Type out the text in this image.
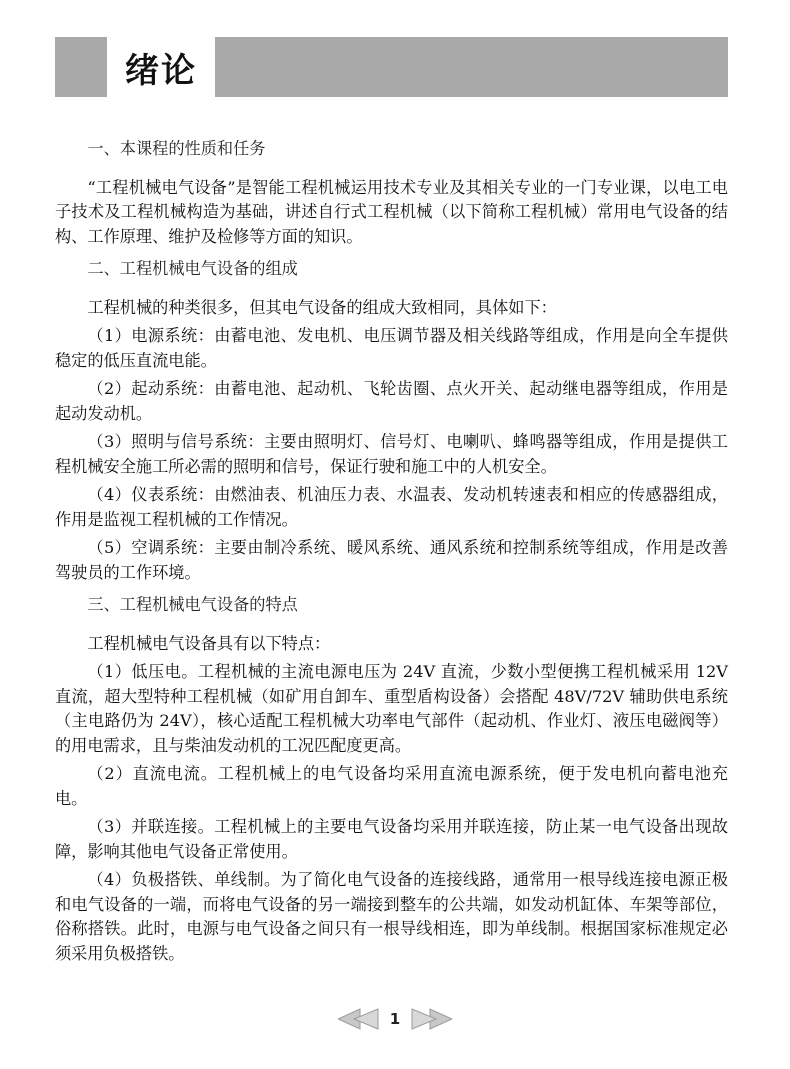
绪论
一、本课程的性质和任务

“工程机械电气设备”是智能工程机械运用技术专业及其相关专业的一门专业课，以电工电子技术及工程机械构造为基础，讲述自行式工程机械（以下简称工程机械）常用电气设备的结构、工作原理、维护及检修等方面的知识。

二、工程机械电气设备的组成

工程机械的种类很多，但其电气设备的组成大致相同，具体如下：

（1）电源系统：由蓄电池、发电机、电压调节器及相关线路等组成，作用是向全车提供稳定的低压直流电能。

（2）起动系统：由蓄电池、起动机、飞轮齿圈、点火开关、起动继电器等组成，作用是起动发动机。

（3）照明与信号系统：主要由照明灯、信号灯、电喇叭、蜂鸣器等组成，作用是提供工程机械安全施工所必需的照明和信号，保证行驶和施工中的人机安全。

（4）仪表系统：由燃油表、机油压力表、水温表、发动机转速表和相应的传感器组成，作用是监视工程机械的工作情况。

（5）空调系统：主要由制冷系统、暖风系统、通风系统和控制系统等组成，作用是改善驾驶员的工作环境。

三、工程机械电气设备的特点

工程机械电气设备具有以下特点：

（1）低压电。工程机械的主流电源电压为 24V 直流，少数小型便携工程机械采用 12V 直流，超大型特种工程机械（如矿用自卸车、重型盾构设备）会搭配 48V/72V 辅助供电系统（主电路仍为 24V），核心适配工程机械大功率电气部件（起动机、作业灯、液压电磁阀等）的用电需求，且与柴油发动机的工况匹配度更高。

（2）直流电流。工程机械上的电气设备均采用直流电源系统，便于发电机向蓄电池充电。

（3）并联连接。工程机械上的主要电气设备均采用并联连接，防止某一电气设备出现故障，影响其他电气设备正常使用。

（4）负极搭铁、单线制。为了简化电气设备的连接线路，通常用一根导线连接电源正极和电气设备的一端，而将电气设备的另一端接到整车的公共端，如发动机缸体、车架等部位，俗称搭铁。此时，电源与电气设备之间只有一根导线相连，即为单线制。根据国家标准规定必须采用负极搭铁。

1
